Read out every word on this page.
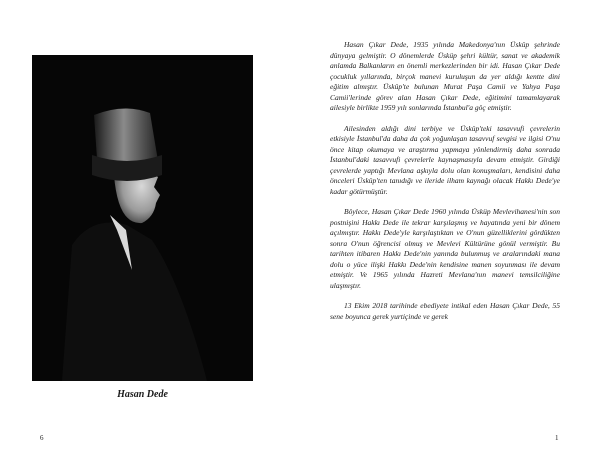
Hasan Dede

Hasan Çıkar Dede, 1935 yılında Makedonya'nın Üsküp şehrinde dünyaya gelmiştir. O dönemlerde Üsküp şehri kültür, sanat ve akademik anlamda Balkanların en önemli merkezlerinden bir idi. Hasan Çıkar Dede çocukluk yıllarında, birçok manevi kuruluşun da yer aldığı kentte dini eğitim almıştır. Üsküp'te bulunan Murat Paşa Camii ve Yahya Paşa Camii'lerinde görev alan Hasan Çıkar Dede, eğitimini tamamlayarak ailesiyle birlikte 1959 yılı sonlarında İstanbul'a göç etmiştir.

Ailesinden aldığı dini terbiye ve Üsküp'teki tasavvufi çevrelerin etkisiyle İstanbul'da daha da çok yoğunlaşan tasavvuf sevgisi ve ilgisi O'nu önce kitap okumaya ve araştırma yapmaya yönlendirmiş daha sonrada İstanbul'daki tasavvufi çevrelerle kaynaşmasıyla devam etmiştir. Girdiği çevrelerde yaptığı Mevlana aşkıyla dolu olan konuşmaları, kendisini daha önceleri Üsküp'ten tanıdığı ve ileride ilham kaynağı olacak Hakkı Dede'ye kadar götürmüştür.

Böylece, Hasan Çıkar Dede 1960 yılında Üsküp Mevlevihanesi'nin son postnişini Hakkı Dede ile tekrar karşılaşmış ve hayatında yeni bir dönem açılmıştır. Hakkı Dede'yle karşılaştıktan ve O'nun güzelliklerini gördükten sonra O'nun öğrencisi olmuş ve Mevlevi Kültürüne gönül vermiştir. Bu tarihten itibaren Hakkı Dede'nin yanında bulunmuş ve aralarındaki mana dolu o yüce ilişki Hakkı Dede'nin kendisine manen soyunması ile devam etmiştir. Ve 1965 yılında Hazreti Mevlana'nın manevi temsilciliğine ulaşmıştır.

13 Ekim 2018 tarihinde ebediyete intikal eden Hasan Çıkar Dede, 55 sene boyunca gerek yurtiçinde ve gerek

6	1
